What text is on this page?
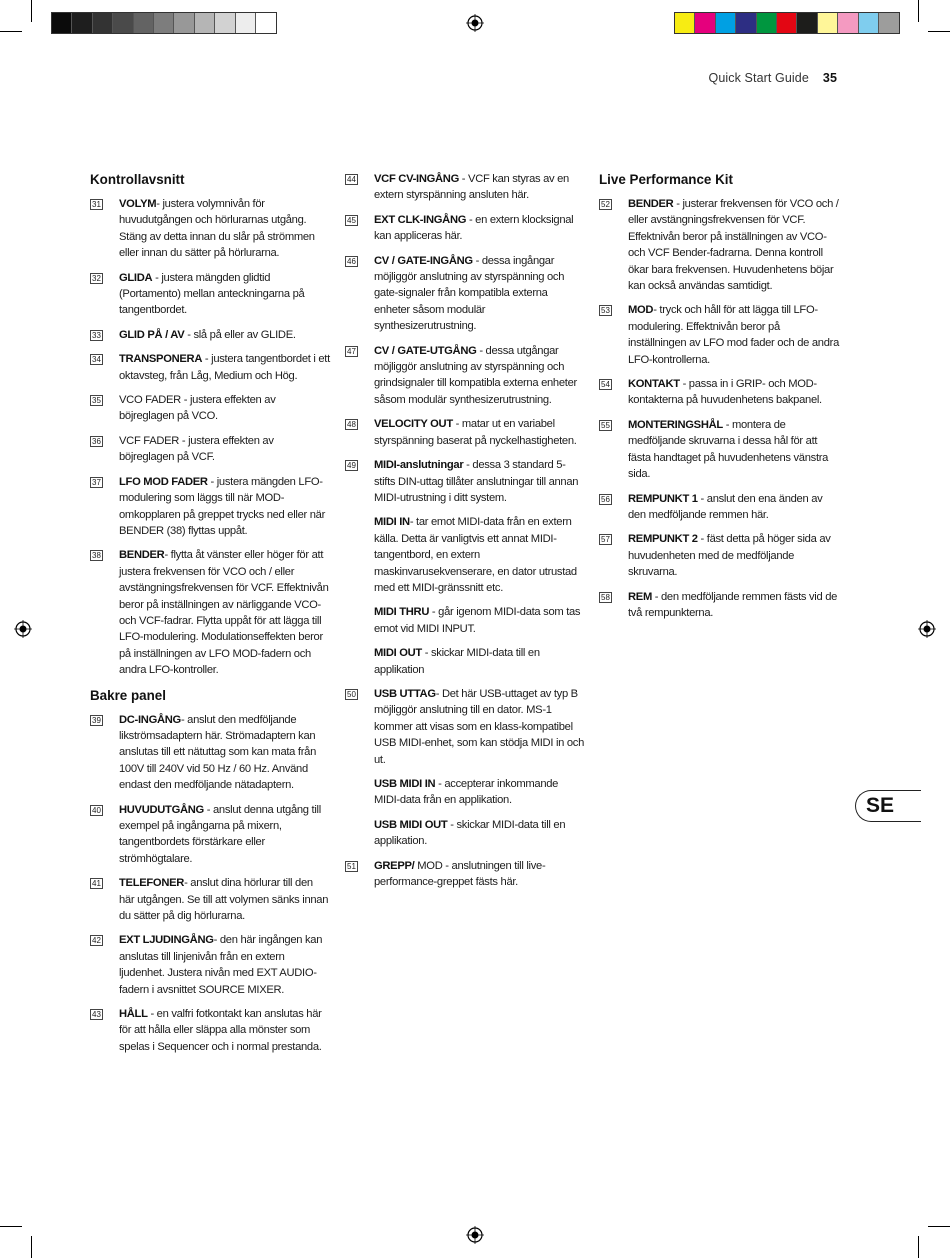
Quick Start Guide 35
Kontrollavsnitt
31 VOLYM- justera volymnivån för huvudutgången och hörlurarnas utgång. Stäng av detta innan du slår på strömmen eller innan du sätter på hörlurarna.
32 GLIDA - justera mängden glidtid (Portamento) mellan anteckningarna på tangentbordet.
33 GLID PÅ / AV - slå på eller av GLIDE.
34 TRANSPONERA - justera tangentbordet i ett oktavsteg, från Låg, Medium och Hög.
35 VCO FADER - justera effekten av böjreglagen på VCO.
36 VCF FADER - justera effekten av böjreglagen på VCF.
37 LFO MOD FADER - justera mängden LFO-modulering som läggs till när MOD-omkopplaren på greppet trycks ned eller när BENDER (38) flyttas uppåt.
38 BENDER- flytta åt vänster eller höger för att justera frekvensen för VCO och / eller avstängningsfrekvensen för VCF. Effektnivån beror på inställningen av närliggande VCO- och VCF-fadrar. Flytta uppåt för att lägga till LFO-modulering. Modulationseffekten beror på inställningen av LFO MOD-fadern och andra LFO-kontroller.
Bakre panel
39 DC-INGÅNG- anslut den medföljande likströmsadaptern här. Strömadaptern kan anslutas till ett nätuttag som kan mata från 100V till 240V vid 50 Hz / 60 Hz. Använd endast den medföljande nätadaptern.
40 HUVUDUTGÅNG - anslut denna utgång till exempel på ingångarna på mixern, tangentbordets förstärkare eller strömhögtalare.
41 TELEFONER- anslut dina hörlurar till den här utgången. Se till att volymen sänks innan du sätter på dig hörlurarna.
42 EXT LJUDINGÅNG- den här ingången kan anslutas till linjenivån från en extern ljudenhet. Justera nivån med EXT AUDIO-fadern i avsnittet SOURCE MIXER.
43 HÅLL - en valfri fotkontakt kan anslutas här för att hålla eller släppa alla mönster som spelas i Sequencer och i normal prestanda.
44 VCF CV-INGÅNG - VCF kan styras av en extern styrspänning ansluten här.
45 EXT CLK-INGÅNG - en extern klocksignal kan appliceras här.
46 CV / GATE-INGÅNG - dessa ingångar möjliggör anslutning av styrspänning och gate-signaler från kompatibla externa enheter såsom modulär synthesizerutrustning.
47 CV / GATE-UTGÅNG - dessa utgångar möjliggör anslutning av styrspänning och grindsignaler till kompatibla externa enheter såsom modulär synthesizerutrustning.
48 VELOCITY OUT - matar ut en variabel styrspänning baserat på nyckelhastigheten.
49 MIDI-anslutningar - dessa 3 standard 5-stifts DIN-uttag tillåter anslutningar till annan MIDI-utrustning i ditt system.
MIDI IN- tar emot MIDI-data från en extern källa. Detta är vanligtvis ett annat MIDI-tangentbord, en extern maskinvarusekvenserare, en dator utrustad med ett MIDI-gränssnitt etc.
MIDI THRU - går igenom MIDI-data som tas emot vid MIDI INPUT.
MIDI OUT - skickar MIDI-data till en applikation
50 USB UTTAG- Det här USB-uttaget av typ B möjliggör anslutning till en dator. MS-1 kommer att visas som en klass-kompatibel USB MIDI-enhet, som kan stödja MIDI in och ut.
USB MIDI IN - accepterar inkommande MIDI-data från en applikation.
USB MIDI OUT - skickar MIDI-data till en applikation.
51 GREPP/ MOD - anslutningen till live-performance-greppet fästs här.
Live Performance Kit
52 BENDER - justerar frekvensen för VCO och / eller avstängningsfrekvensen för VCF. Effektnivån beror på inställningen av VCO- och VCF Bender-fadrarna. Denna kontroll ökar bara frekvensen. Huvudenhetens böjar kan också användas samtidigt.
53 MOD- tryck och håll för att lägga till LFO-modulering. Effektnivån beror på inställningen av LFO mod fader och de andra LFO-kontrollerna.
54 KONTAKT - passa in i GRIP- och MOD-kontakterna på huvudenhetens bakpanel.
55 MONTERINGSHÅL - montera de medföljande skruvarna i dessa hål för att fästa handtaget på huvudenhetens vänstra sida.
56 REMPUNKT 1 - anslut den ena änden av den medföljande remmen här.
57 REMPUNKT 2 - fäst detta på höger sida av huvudenheten med de medföljande skruvarna.
58 REM - den medföljande remmen fästs vid de två rempunkterna.
SE
